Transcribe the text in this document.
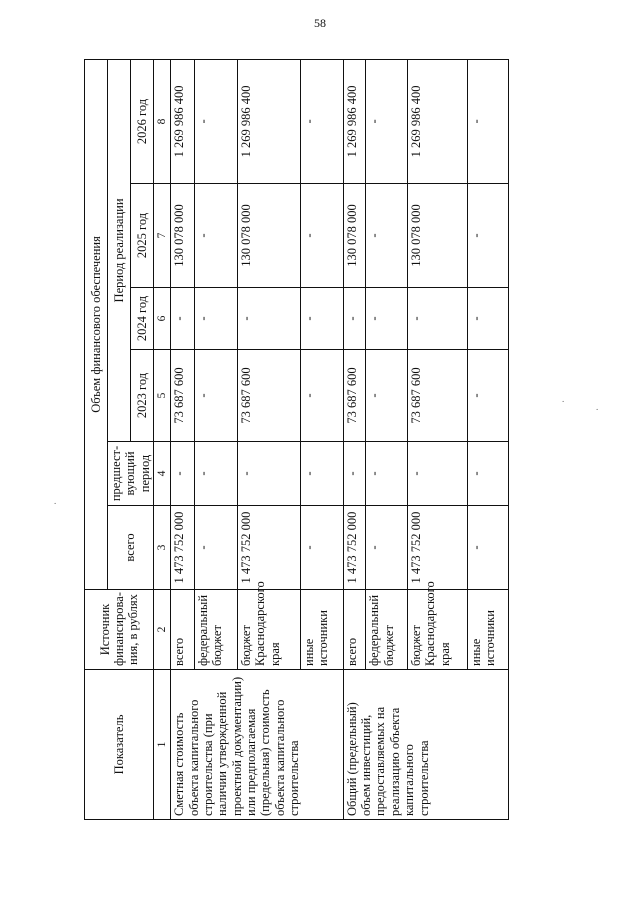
58
.
.
.
Показатель	Источник финансирова-ния, в рублях	Объем финансового обеспечения					
		всего	предшест-вующий период	Период реализации			
				2023 год	2024 год	2025 год	2026 год
1	2	3	4	5	6	7	8
Сметная стоимость объекта капитального строительства (при наличии утвержденной проектной документации) или предполагаемая (предельная) стоимость объекта капитального строительства	всего	1 473 752 000	-	73 687 600	-	130 078 000	1 269 986 400
	федеральный бюджет	-	-	-	-	-	-
	бюджет Краснодарского края	1 473 752 000	-	73 687 600	-	130 078 000	1 269 986 400
	иные источники	-	-	-	-	-	-
Общий (предельный) объем инвестиций, предоставляемых на реализацию объекта капитального строительства	всего	1 473 752 000	-	73 687 600	-	130 078 000	1 269 986 400
	федеральный бюджет	-	-	-	-	-	-
	бюджет Краснодарского края	1 473 752 000	-	73 687 600	-	130 078 000	1 269 986 400
	иные источники	-	-	-	-	-	-
